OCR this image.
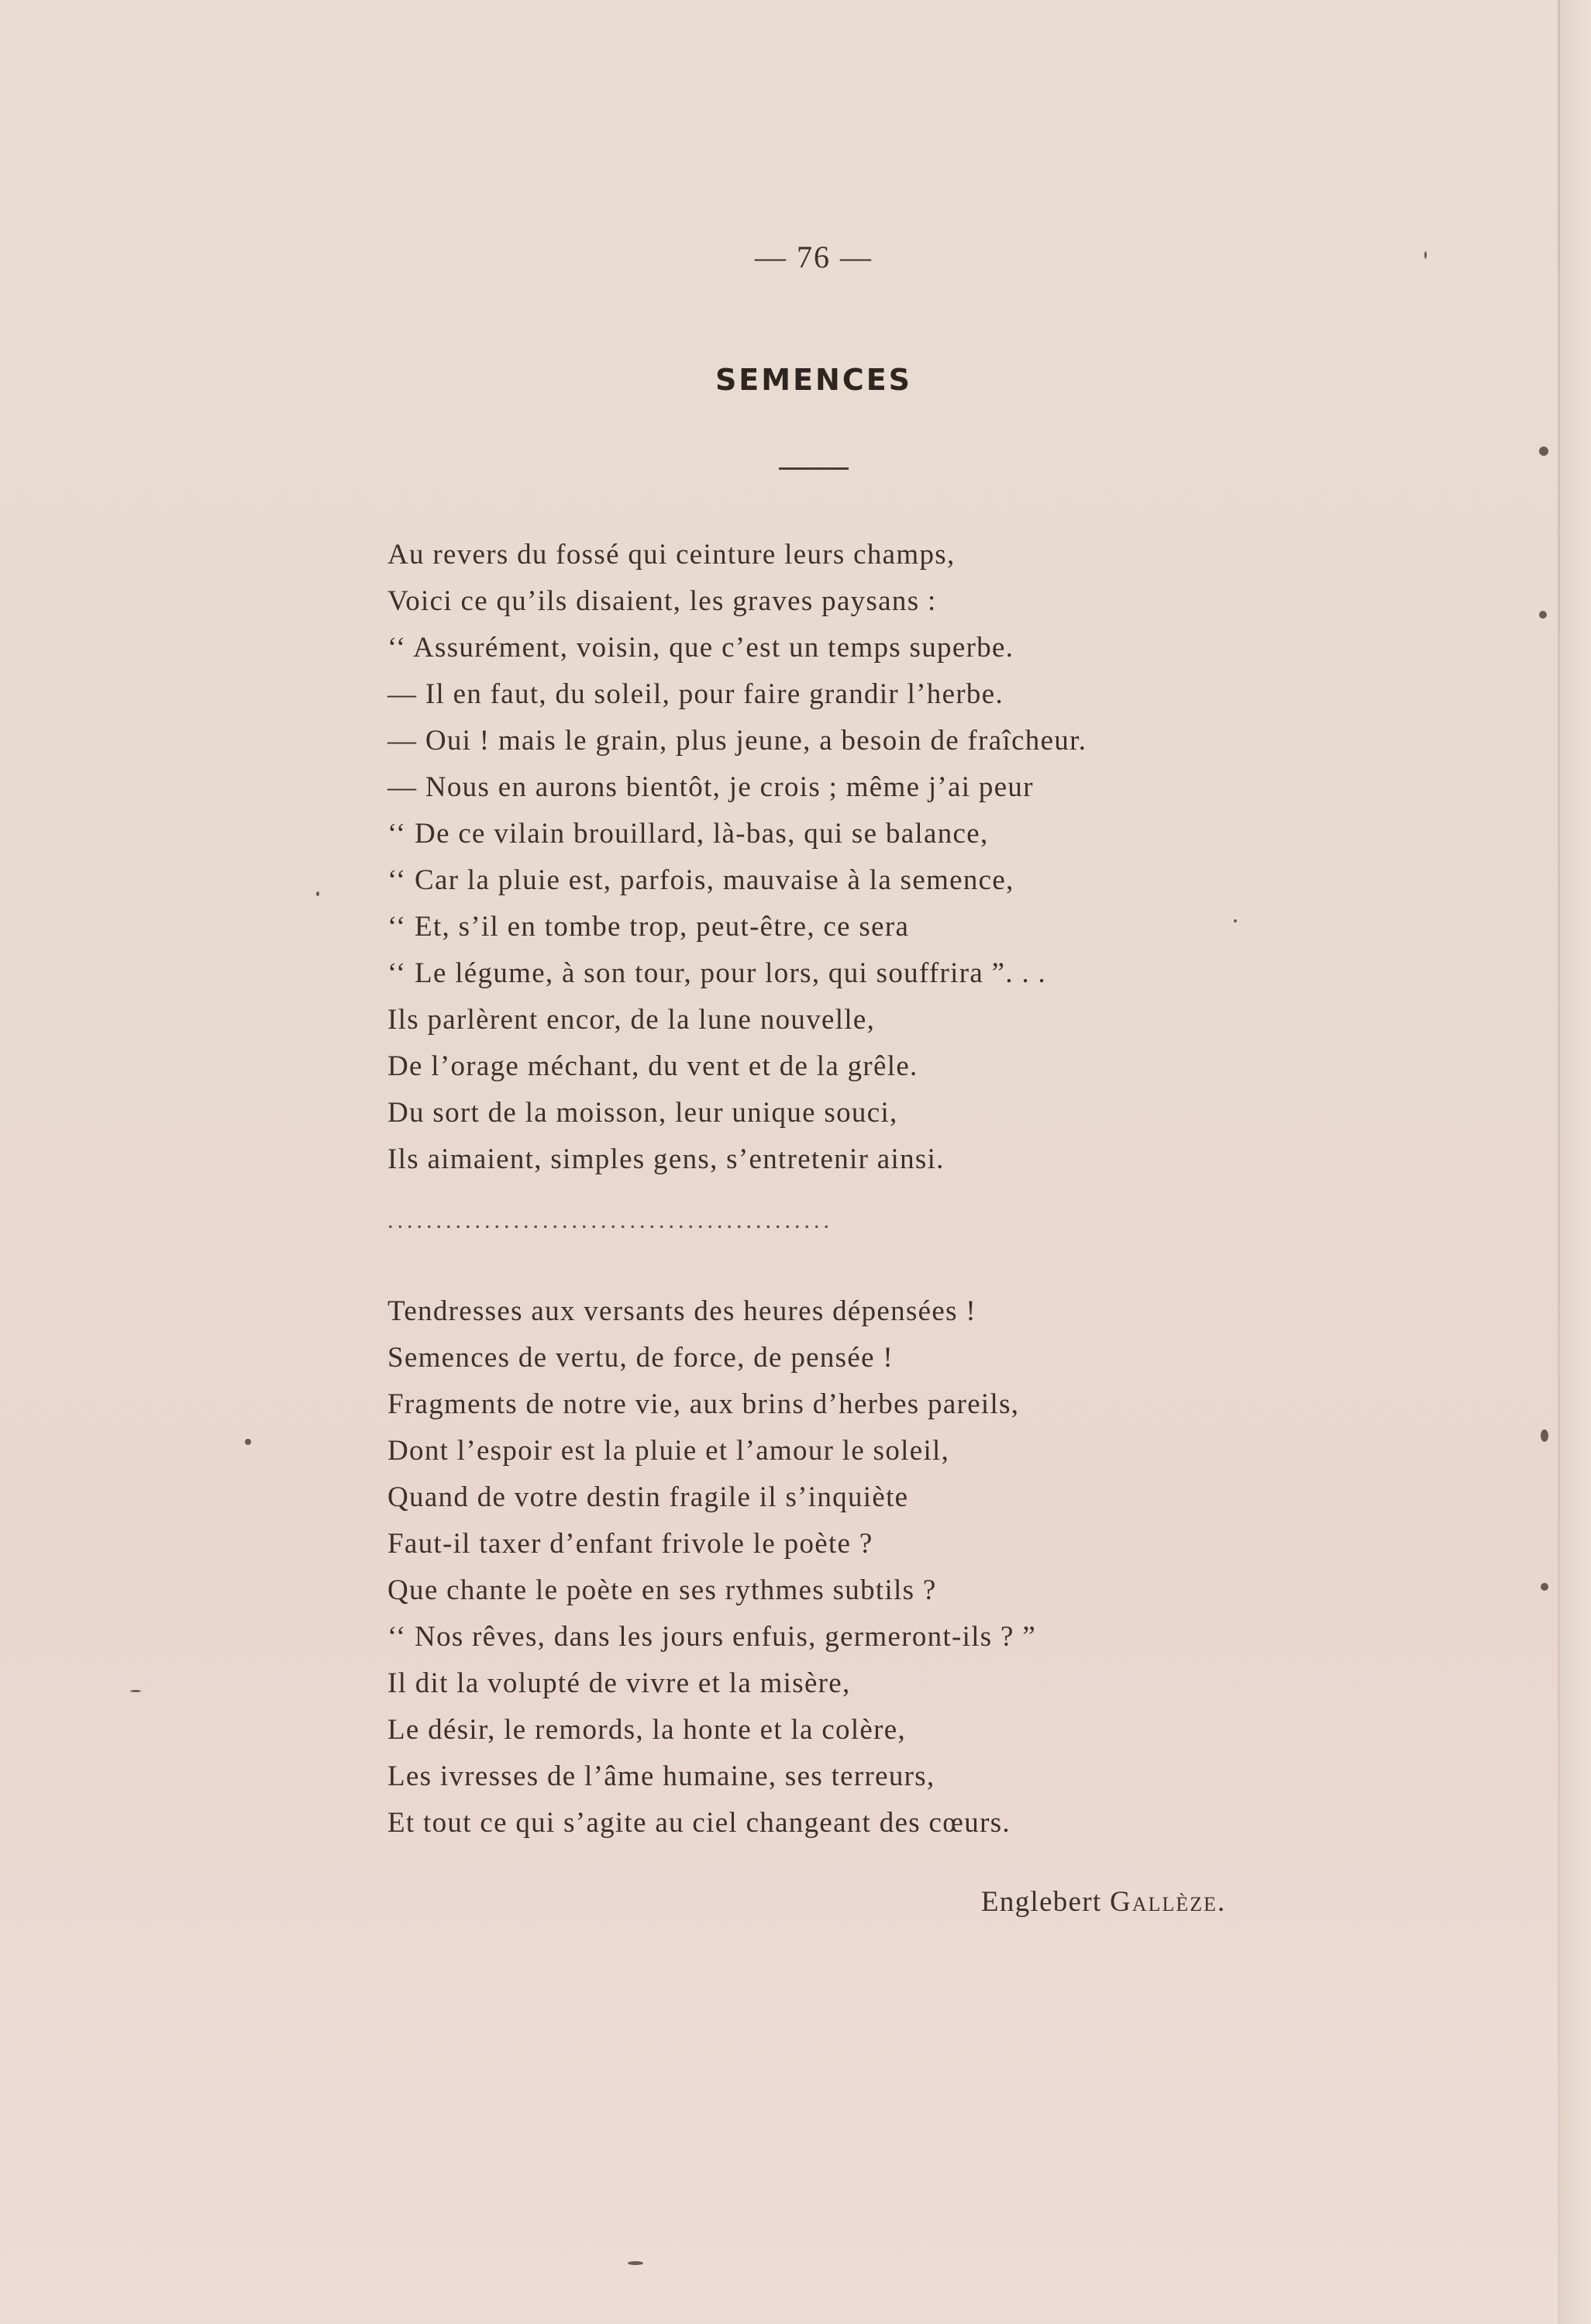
— 76 —
SEMENCES
Au revers du fossé qui ceinture leurs champs,
Voici ce qu’ils disaient, les graves paysans :
‘‘ Assurément, voisin, que c’est un temps superbe.
— Il en faut, du soleil, pour faire grandir l’herbe.
— Oui ! mais le grain, plus jeune, a besoin de fraîcheur.
— Nous en aurons bientôt, je crois ; même j’ai peur
‘‘ De ce vilain brouillard, là-bas, qui se balance,
‘‘ Car la pluie est, parfois, mauvaise à la semence,
‘‘ Et, s’il en tombe trop, peut-être, ce sera
‘‘ Le légume, à son tour, pour lors, qui souffrira ”. . .
Ils parlèrent encor, de la lune nouvelle,
De l’orage méchant, du vent et de la grêle.
Du sort de la moisson, leur unique souci,
Ils aimaient, simples gens, s’entretenir ainsi.
..............................................
Tendresses aux versants des heures dépensées !
Semences de vertu, de force, de pensée !
Fragments de notre vie, aux brins d’herbes pareils,
Dont l’espoir est la pluie et l’amour le soleil,
Quand de votre destin fragile il s’inquiète
Faut-il taxer d’enfant frivole le poète ?
Que chante le poète en ses rythmes subtils ?
‘‘ Nos rêves, dans les jours enfuis, germeront-ils ? ”
Il dit la volupté de vivre et la misère,
Le désir, le remords, la honte et la colère,
Les ivresses de l’âme humaine, ses terreurs,
Et tout ce qui s’agite au ciel changeant des cœurs.
Englebert Gallèze.
